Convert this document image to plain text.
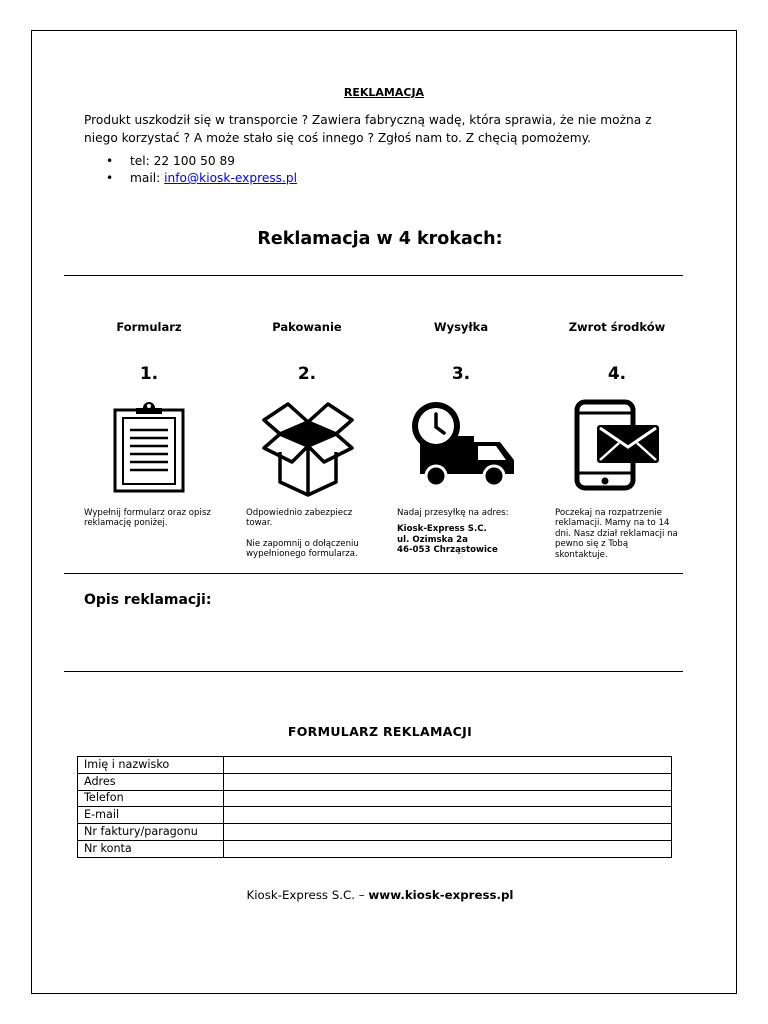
REKLAMACJA
Produkt uszkodził się w transporcie ? Zawiera fabryczną wadę, która sprawia, że nie można z niego korzystać ? A może stało się coś innego ? Zgłoś nam to. Z chęcią pomożemy.
• tel: 22 100 50 89
• mail: info@kiosk-express.pl
Reklamacja w 4 krokach:
Formularz	Pakowanie	Wysyłka	Zwrot środków
1.	2.	3.	4.

Wypełnij formularz oraz opisz reklamację poniżej.

Odpowiednio zabezpiecz towar.

Nie zapomnij o dołączeniu wypełnionego formularza.

Nadaj przesyłkę na adres:

Kiosk-Express S.C.
ul. Ozimska 2a
46-053 Chrząstowice

Poczekaj na rozpatrzenie reklamacji. Mamy na to 14 dni. Nasz dział reklamacji na pewno się z Tobą skontaktuje.

Opis reklamacji:
FORMULARZ REKLAMACJI
Imię i nazwisko	
Adres	
Telefon	
E-mail	
Nr faktury/paragonu	
Nr konta	
Kiosk-Express S.C. – www.kiosk-express.pl
